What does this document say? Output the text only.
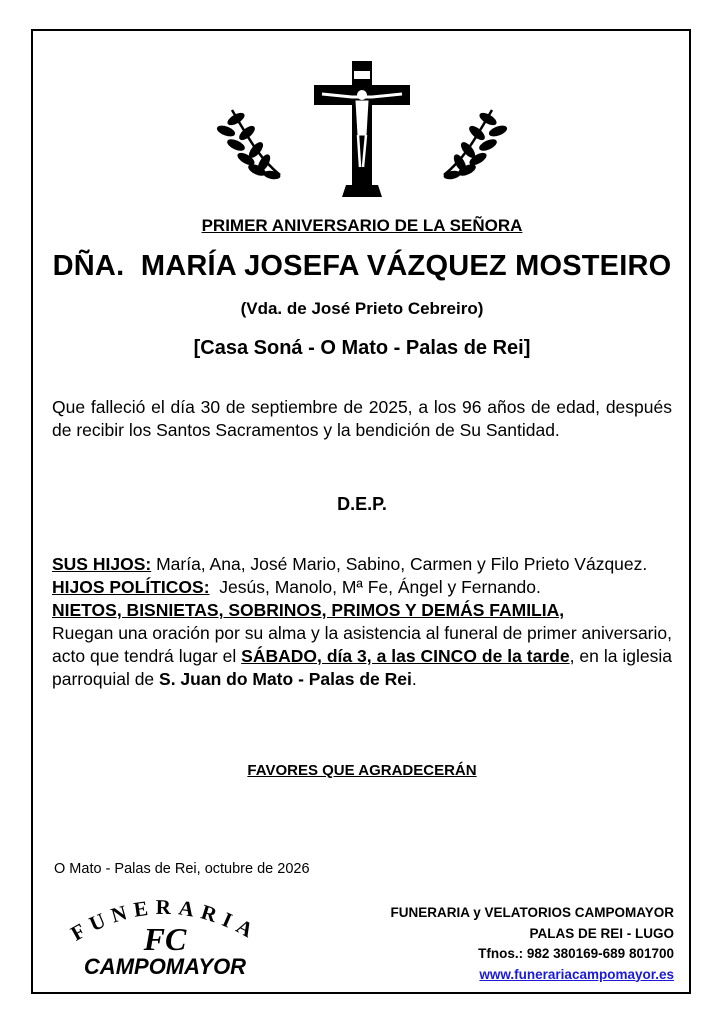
PRIMER ANIVERSARIO DE LA SEÑORA
DÑA.  MARÍA JOSEFA VÁZQUEZ MOSTEIRO
(Vda. de José Prieto Cebreiro)
[Casa Soná - O Mato - Palas de Rei]
Que falleció el día 30 de septiembre de 2025, a los 96 años de edad, después de recibir los Santos Sacramentos y la bendición de Su Santidad.
D.E.P.
SUS HIJOS: María, Ana, José Mario, Sabino, Carmen y Filo Prieto Vázquez.
HIJOS POLÍTICOS:  Jesús, Manolo, Mª Fe, Ángel y Fernando.
NIETOS, BISNIETAS, SOBRINOS, PRIMOS Y DEMÁS FAMILIA,
Ruegan una oración por su alma y la asistencia al funeral de primer aniversario, acto que tendrá lugar el SÁBADO, día 3, a las CINCO de la tarde, en la iglesia parroquial de S. Juan do Mato - Palas de Rei.
FAVORES QUE AGRADECERÁN
O Mato - Palas de Rei, octubre de 2026
FUNERARIA
FC
CAMPOMAYOR
FUNERARIA y VELATORIOS CAMPOMAYOR
PALAS DE REI - LUGO
Tfnos.: 982 380169-689 801700
www.funerariacampomayor.es
